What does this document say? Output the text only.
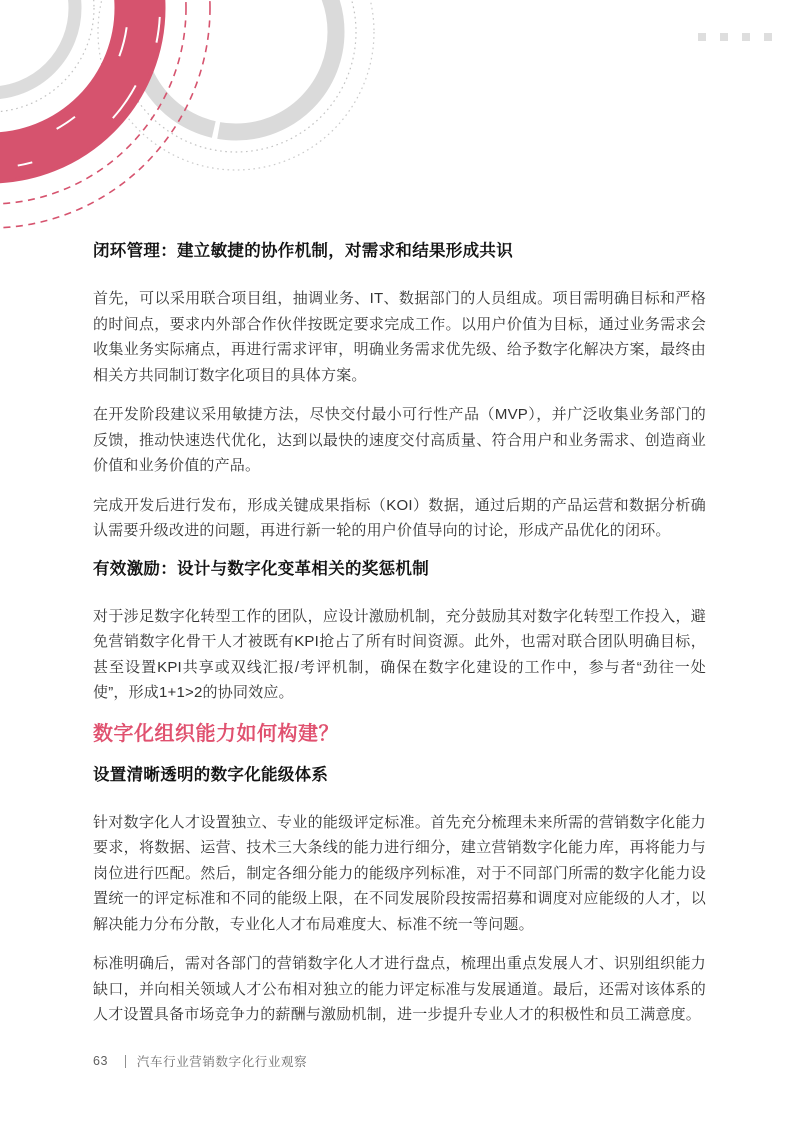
闭环管理：建立敏捷的协作机制，对需求和结果形成共识

首先，可以采用联合项目组，抽调业务、IT、数据部门的人员组成。项目需明确目标和严格的时间点，要求内外部合作伙伴按既定要求完成工作。以用户价值为目标，通过业务需求会收集业务实际痛点，再进行需求评审，明确业务需求优先级、给予数字化解决方案，最终由相关方共同制订数字化项目的具体方案。

在开发阶段建议采用敏捷方法，尽快交付最小可行性产品（MVP），并广泛收集业务部门的反馈，推动快速迭代优化，达到以最快的速度交付高质量、符合用户和业务需求、创造商业价值和业务价值的产品。

完成开发后进行发布，形成关键成果指标（KOI）数据，通过后期的产品运营和数据分析确认需要升级改进的问题，再进行新一轮的用户价值导向的讨论，形成产品优化的闭环。

有效激励：设计与数字化变革相关的奖惩机制

对于涉足数字化转型工作的团队，应设计激励机制，充分鼓励其对数字化转型工作投入，避免营销数字化骨干人才被既有KPI抢占了所有时间资源。此外，也需对联合团队明确目标，甚至设置KPI共享或双线汇报/考评机制，确保在数字化建设的工作中，参与者“劲往一处使”，形成1+1>2的协同效应。

数字化组织能力如何构建？
设置清晰透明的数字化能级体系

针对数字化人才设置独立、专业的能级评定标准。首先充分梳理未来所需的营销数字化能力要求，将数据、运营、技术三大条线的能力进行细分，建立营销数字化能力库，再将能力与岗位进行匹配。然后，制定各细分能力的能级序列标准，对于不同部门所需的数字化能力设置统一的评定标准和不同的能级上限，在不同发展阶段按需招募和调度对应能级的人才，以解决能力分布分散，专业化人才布局难度大、标准不统一等问题。

标准明确后，需对各部门的营销数字化人才进行盘点，梳理出重点发展人才、识别组织能力缺口，并向相关领域人才公布相对独立的能力评定标准与发展通道。最后，还需对该体系的人才设置具备市场竞争力的薪酬与激励机制，进一步提升专业人才的积极性和员工满意度。

63 汽车行业营销数字化行业观察
